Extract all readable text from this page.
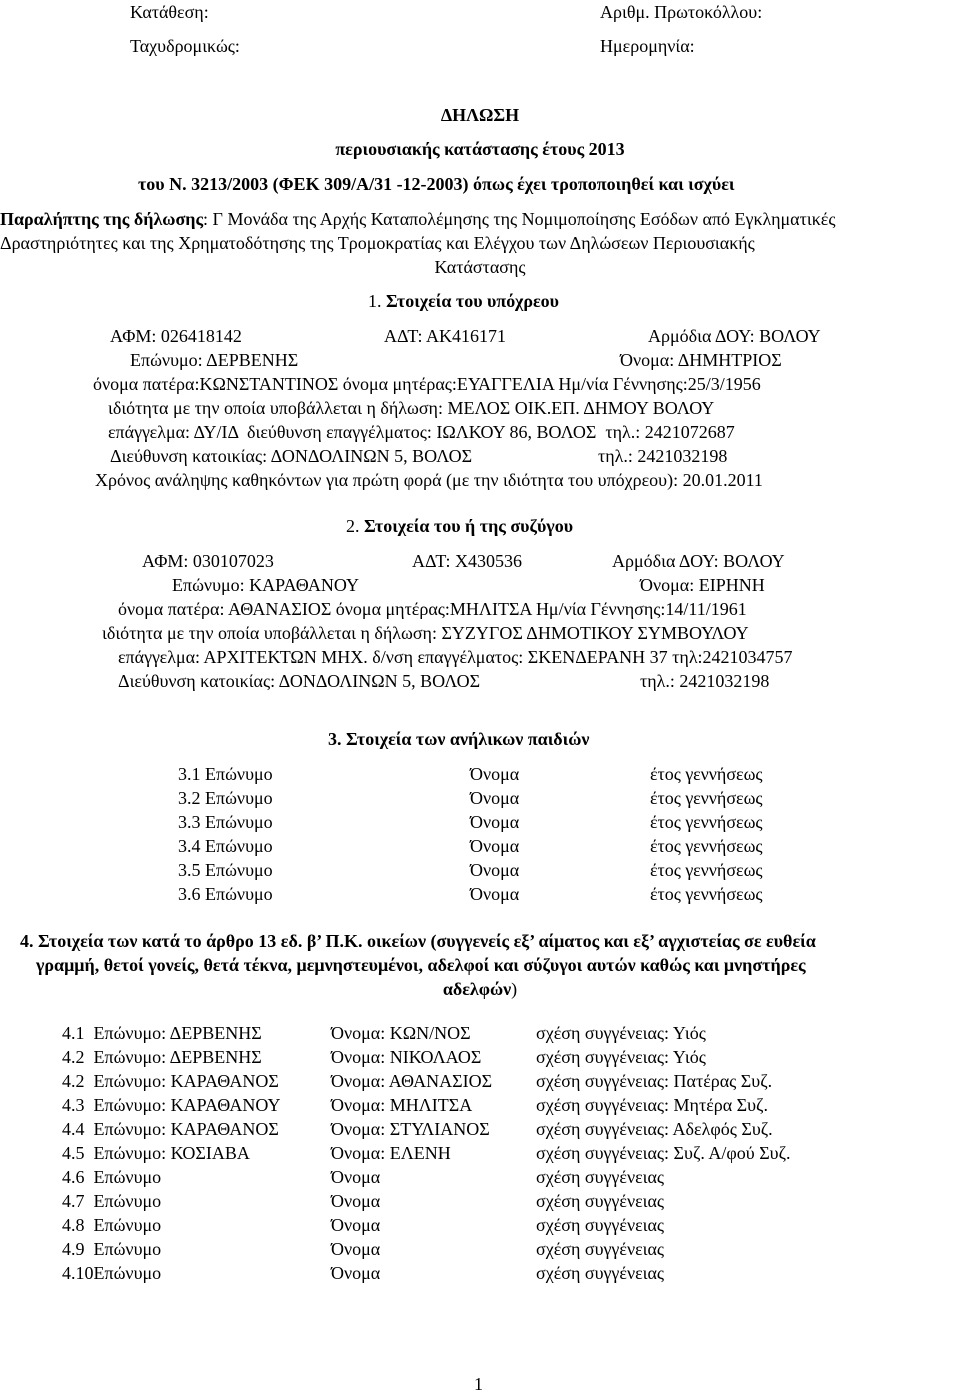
Κατάθεση:	Αριθμ. Πρωτοκόλλου:
Ταχυδρομικώς:	Ημερομηνία:
ΔΗΛΩΣΗ
περιουσιακής κατάστασης έτους 2013
του Ν. 3213/2003 (ΦΕΚ 309/Α/31 -12-2003) όπως έχει τροποποιηθεί και ισχύει
Παραλήπτης της δήλωσης: Γ Μονάδα της Αρχής Καταπολέμησης της Νομιμοποίησης Εσόδων από Εγκληματικές
Δραστηριότητες και της Χρηματοδότησης της Τρομοκρατίας και Ελέγχου των Δηλώσεων Περιουσιακής
Κατάστασης
1. Στοιχεία του υπόχρεου
ΑΦΜ: 026418142	ΑΔΤ: ΑΚ416171	Αρμόδια ΔΟΥ: ΒΟΛΟΥ
Επώνυμο: ΔΕΡΒΕΝΗΣ	Όνομα: ΔΗΜΗΤΡΙΟΣ
όνομα πατέρα:ΚΩΝΣΤΑΝΤΙΝΟΣ όνομα μητέρας:ΕΥΑΓΓΕΛΙΑ Ημ/νία Γέννησης:25/3/1956
ιδιότητα με την οποία υποβάλλεται η δήλωση: ΜΕΛΟΣ ΟΙΚ.ΕΠ. ΔΗΜΟΥ ΒΟΛΟΥ
επάγγελμα: ΔΥ/ΙΔ  διεύθυνση επαγγέλματος: ΙΩΛΚΟΥ 86, ΒΟΛΟΣ  τηλ.: 2421072687
Διεύθυνση κατοικίας: ΔΟΝΔΟΛΙΝΩΝ 5, ΒΟΛΟΣ	τηλ.: 2421032198
Χρόνος ανάληψης καθηκόντων για πρώτη φορά (με την ιδιότητα του υπόχρεου): 20.01.2011
2. Στοιχεία του ή της συζύγου
ΑΦΜ: 030107023	ΑΔΤ: Χ430536	Αρμόδια ΔΟΥ: ΒΟΛΟΥ
Επώνυμο: ΚΑΡΑΘΑΝΟΥ	Όνομα: ΕΙΡΗΝΗ
όνομα πατέρα: ΑΘΑΝΑΣΙΟΣ όνομα μητέρας:ΜΗΛΙΤΣΑ Ημ/νία Γέννησης:14/11/1961
ιδιότητα με την οποία υποβάλλεται η δήλωση: ΣΥΖΥΓΟΣ ΔΗΜΟΤΙΚΟΥ ΣΥΜΒΟΥΛΟΥ
επάγγελμα: ΑΡΧΙΤΕΚΤΩΝ ΜΗΧ. δ/νση επαγγέλματος: ΣΚΕΝΔΕΡΑΝΗ 37 τηλ:2421034757
Διεύθυνση κατοικίας: ΔΟΝΔΟΛΙΝΩΝ 5, ΒΟΛΟΣ	τηλ.: 2421032198
3. Στοιχεία των ανήλικων παιδιών
3.1 Επώνυμο	Όνομα	έτος γεννήσεως
3.2 Επώνυμο	Όνομα	έτος γεννήσεως
3.3 Επώνυμο	Όνομα	έτος γεννήσεως
3.4 Επώνυμο	Όνομα	έτος γεννήσεως
3.5 Επώνυμο	Όνομα	έτος γεννήσεως
3.6 Επώνυμο	Όνομα	έτος γεννήσεως
4. Στοιχεία των κατά το άρθρο 13 εδ. β’ Π.Κ. οικείων (συγγενείς εξ’ αίματος και εξ’ αγχιστείας σε ευθεία
γραμμή, θετοί γονείς, θετά τέκνα, μεμνηστευμένοι, αδελφοί και σύζυγοι αυτών καθώς και μνηστήρες
αδελφών)
4.1  Επώνυμο: ΔΕΡΒΕΝΗΣ	Όνομα: ΚΩΝ/ΝΟΣ	σχέση συγγένειας: Υιός
4.2  Επώνυμο: ΔΕΡΒΕΝΗΣ	Όνομα: ΝΙΚΟΛΑΟΣ	σχέση συγγένειας: Υιός
4.2  Επώνυμο: ΚΑΡΑΘΑΝΟΣ	Όνομα: ΑΘΑΝΑΣΙΟΣ σχέση συγγένειας: Πατέρας Συζ.
4.3  Επώνυμο: ΚΑΡΑΘΑΝΟΥ	Όνομα: ΜΗΛΙΤΣΑ	σχέση συγγένειας: Μητέρα Συζ.
4.4  Επώνυμο: ΚΑΡΑΘΑΝΟΣ	Όνομα: ΣΤΥΛΙΑΝΟΣ	σχέση συγγένειας: Αδελφός Συζ.
4.5  Επώνυμο: ΚΟΣΙΑΒΑ	Όνομα: ΕΛΕΝΗ	σχέση συγγένειας: Συζ. Α/φού Συζ.
4.6  Επώνυμο	Όνομα	σχέση συγγένειας
4.7  Επώνυμο	Όνομα	σχέση συγγένειας
4.8  Επώνυμο	Όνομα	σχέση συγγένειας
4.9  Επώνυμο	Όνομα	σχέση συγγένειας
4.10Επώνυμο	Όνομα	σχέση συγγένειας
1
